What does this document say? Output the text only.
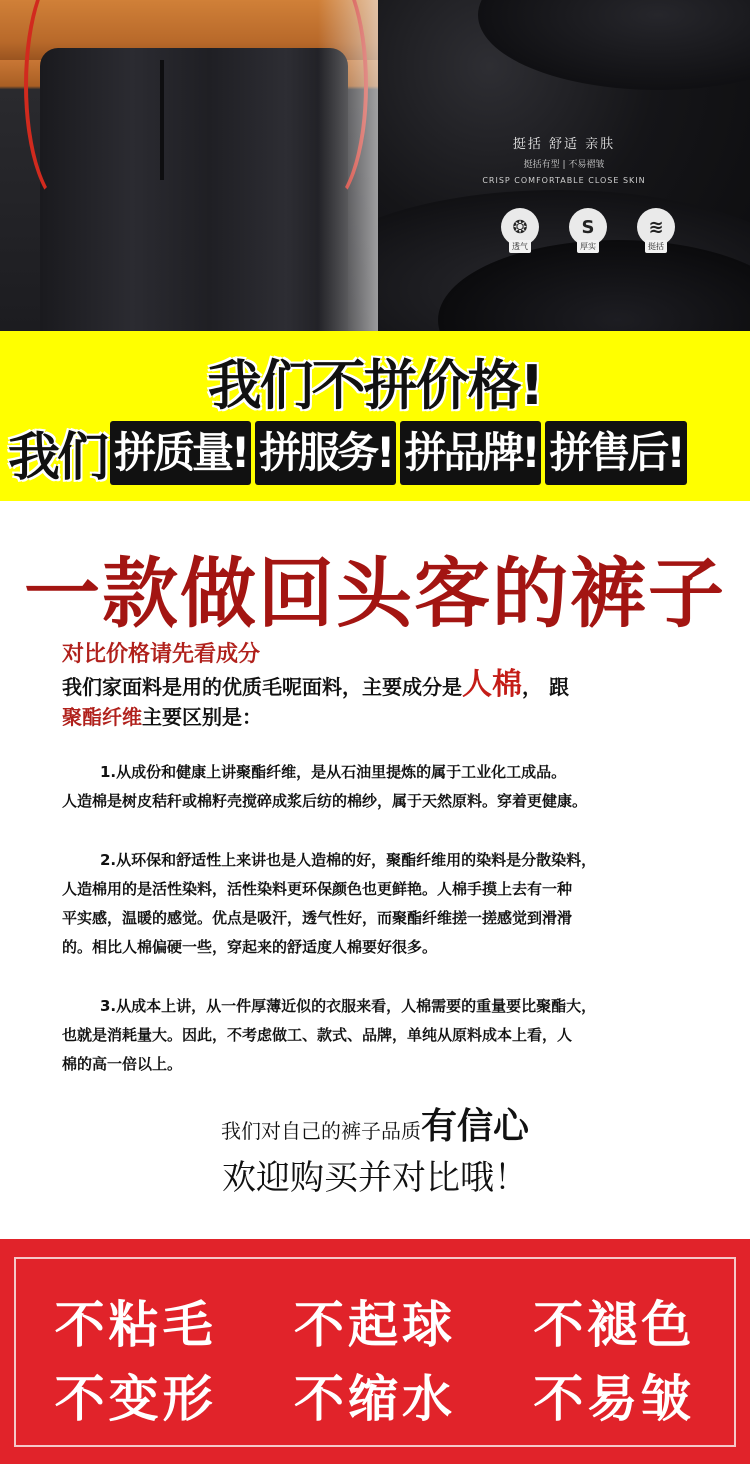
挺括 舒适 亲肤
挺括有型 | 不易褶皱
CRISP COMFORTABLE CLOSE SKIN
❂
透气
S
厚实
≋
挺括
我们不拼价格!
我们 拼质量! 拼服务! 拼品牌! 拼售后!
一款做回头客的裤子
对比价格请先看成分
我们家面料是用的优质毛呢面料，主要成分是人棉， 跟
聚酯纤维主要区别是：
1.从成份和健康上讲聚酯纤维，是从石油里提炼的属于工业化工成品。
人造棉是树皮秸秆或棉籽壳搅碎成浆后纺的棉纱，属于天然原料。穿着更健康。
2.从环保和舒适性上来讲也是人造棉的好，聚酯纤维用的染料是分散染料，
人造棉用的是活性染料，活性染料更环保颜色也更鲜艳。人棉手摸上去有一种
平实感，温暖的感觉。优点是吸汗，透气性好，而聚酯纤维搓一搓感觉到滑滑
的。相比人棉偏硬一些，穿起来的舒适度人棉要好很多。
3.从成本上讲，从一件厚薄近似的衣服来看，人棉需要的重量要比聚酯大，
也就是消耗量大。因此，不考虑做工、款式、品牌，单纯从原料成本上看，人
棉的高一倍以上。
我们对自己的裤子品质有信心
欢迎购买并对比哦！
不粘毛 不起球 不褪色
不变形 不缩水 不易皱
